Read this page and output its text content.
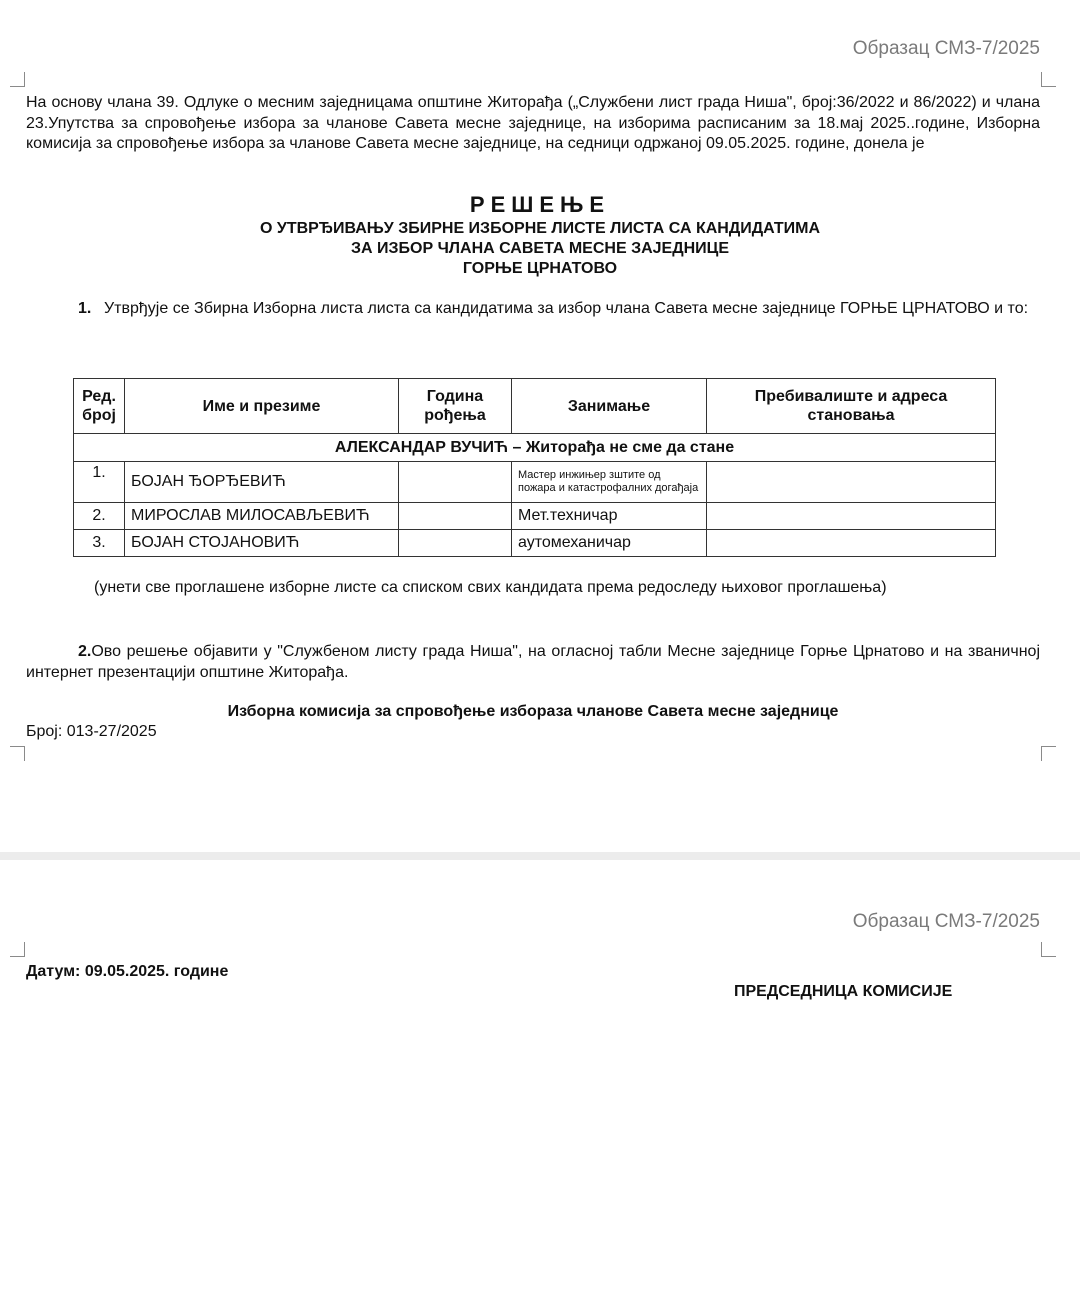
Образац СМЗ-7/2025
На основу члана 39. Одлуке о месним заједницама општине Житорађа („Службени лист града Ниша", број:36/2022 и 86/2022) и члана 23.Упутства за спровођење избора за чланове Савета месне заједнице, на изборима расписаним за 18.мај 2025..године, Изборна комисија за спровођење избора за чланове Савета месне заједнице, на седници одржаној 09.05.2025. године, донела је
РЕШЕЊЕ
О УТВРЂИВАЊУ ЗБИРНЕ ИЗБОРНЕ ЛИСТЕ ЛИСТА СА КАНДИДАТИМА
ЗА ИЗБОР ЧЛАНА САВЕТА МЕСНЕ ЗАЈЕДНИЦЕ
ГОРЊЕ ЦРНАТОВО
1. Утврђује се Збирна Изборна листа листа са кандидатима за избор члана Савета месне заједнице ГОРЊЕ ЦРНАТОВО и то:
Ред. број	Име и презиме	Година рођења	Занимање	Пребивалиште и адреса становања
АЛЕКСАНДАР ВУЧИЋ – Житорађа не сме да стане				
1.	БОЈАН ЂОРЂЕВИЋ		Мастер инжињер зштите од пожара и катастрофалних догађаја	

2.	МИРОСЛАВ МИЛОСАВЉЕВИЋ		Мет.техничар	
3.	БОЈАН СТОЈАНОВИЋ		аутомеханичар	
(унети све проглашене изборне листе са списком свих кандидата према редоследу њиховог проглашења)
2.Ово решење објавити у "Службеном листу града Ниша", на огласној табли Месне заједнице Горње Црнатово и на званичној интернет презентацији општине Житорађа.
Изборна комисија за спровођење избораза чланове Савета месне заједнице
Број: 013-27/2025
Образац СМЗ-7/2025
Датум: 09.05.2025. године
ПРЕДСЕДНИЦА КОМИСИЈЕ
